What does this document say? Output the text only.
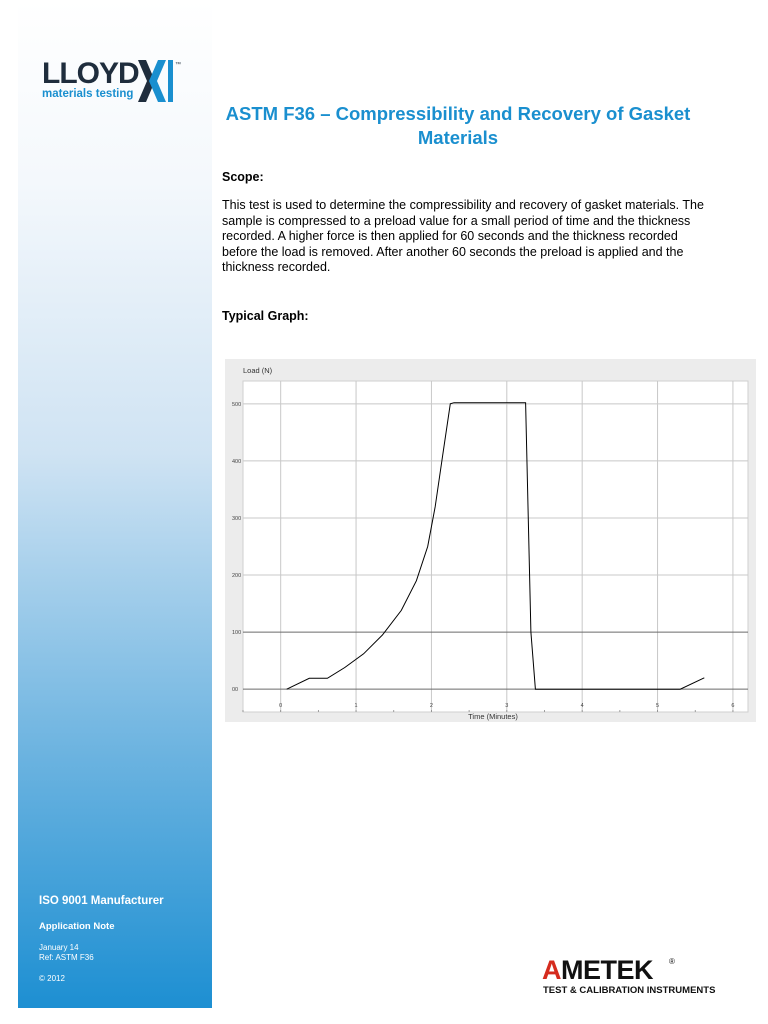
LLOYD
materials testing
™
ASTM F36 – Compressibility and Recovery of Gasket Materials
Scope:
This test is used to determine the compressibility and recovery of gasket materials. The sample is compressed to a preload value for a small period of time and the thickness recorded. A higher force is then applied for 60 seconds and the thickness recorded before the load is removed. After another 60 seconds the preload is applied and the thickness recorded.
Typical Graph:
0	1	2	3	4	5	6
00
100
200
300
400
500
Load (N)
Time (Minutes)
ISO 9001 Manufacturer
Application Note
January 14
Ref: ASTM F36
© 2012	AMETEK ®
TEST & CALIBRATION INSTRUMENTS
